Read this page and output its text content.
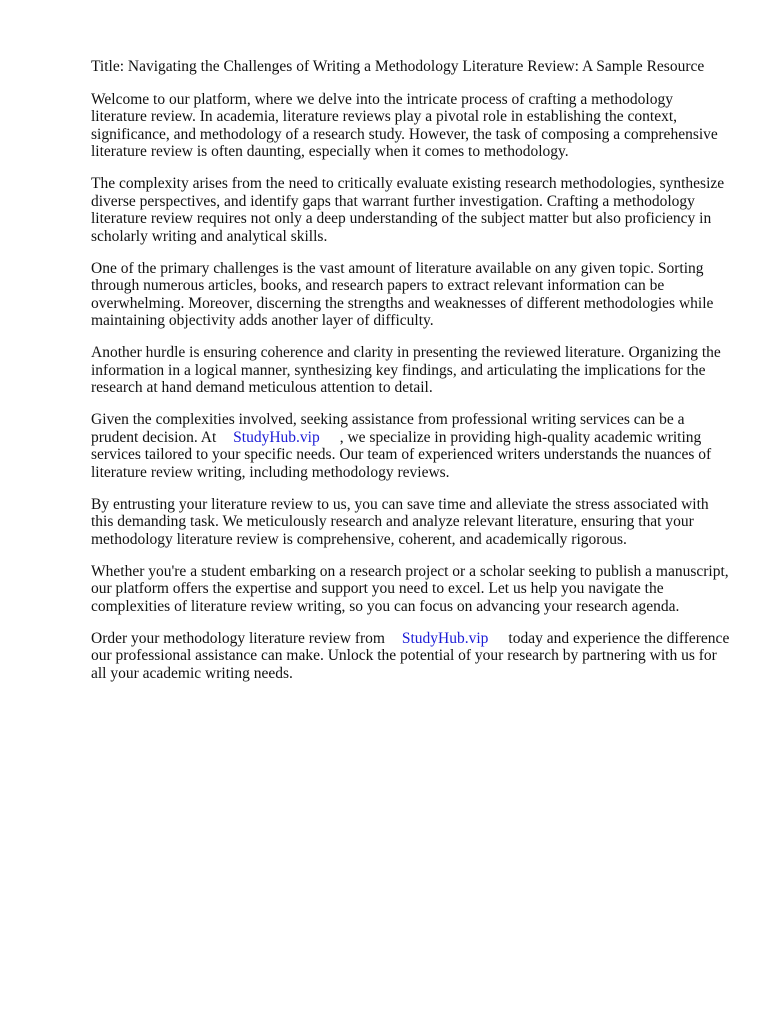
Title: Navigating the Challenges of Writing a Methodology Literature Review: A Sample Resource

Welcome to our platform, where we delve into the intricate process of crafting a methodology literature review. In academia, literature reviews play a pivotal role in establishing the context, significance, and methodology of a research study. However, the task of composing a comprehensive literature review is often daunting, especially when it comes to methodology.

The complexity arises from the need to critically evaluate existing research methodologies, synthesize diverse perspectives, and identify gaps that warrant further investigation. Crafting a methodology literature review requires not only a deep understanding of the subject matter but also proficiency in scholarly writing and analytical skills.

One of the primary challenges is the vast amount of literature available on any given topic. Sorting through numerous articles, books, and research papers to extract relevant information can be overwhelming. Moreover, discerning the strengths and weaknesses of different methodologies while maintaining objectivity adds another layer of difficulty.

Another hurdle is ensuring coherence and clarity in presenting the reviewed literature. Organizing the information in a logical manner, synthesizing key findings, and articulating the implications for the research at hand demand meticulous attention to detail.

Given the complexities involved, seeking assistance from professional writing services can be a prudent decision. At StudyHub.vip , we specialize in providing high-quality academic writing services tailored to your specific needs. Our team of experienced writers understands the nuances of literature review writing, including methodology reviews.

By entrusting your literature review to us, you can save time and alleviate the stress associated with this demanding task. We meticulously research and analyze relevant literature, ensuring that your methodology literature review is comprehensive, coherent, and academically rigorous.

Whether you're a student embarking on a research project or a scholar seeking to publish a manuscript, our platform offers the expertise and support you need to excel. Let us help you navigate the complexities of literature review writing, so you can focus on advancing your research agenda.

Order your methodology literature review from StudyHub.vip today and experience the difference our professional assistance can make. Unlock the potential of your research by partnering with us for all your academic writing needs.
